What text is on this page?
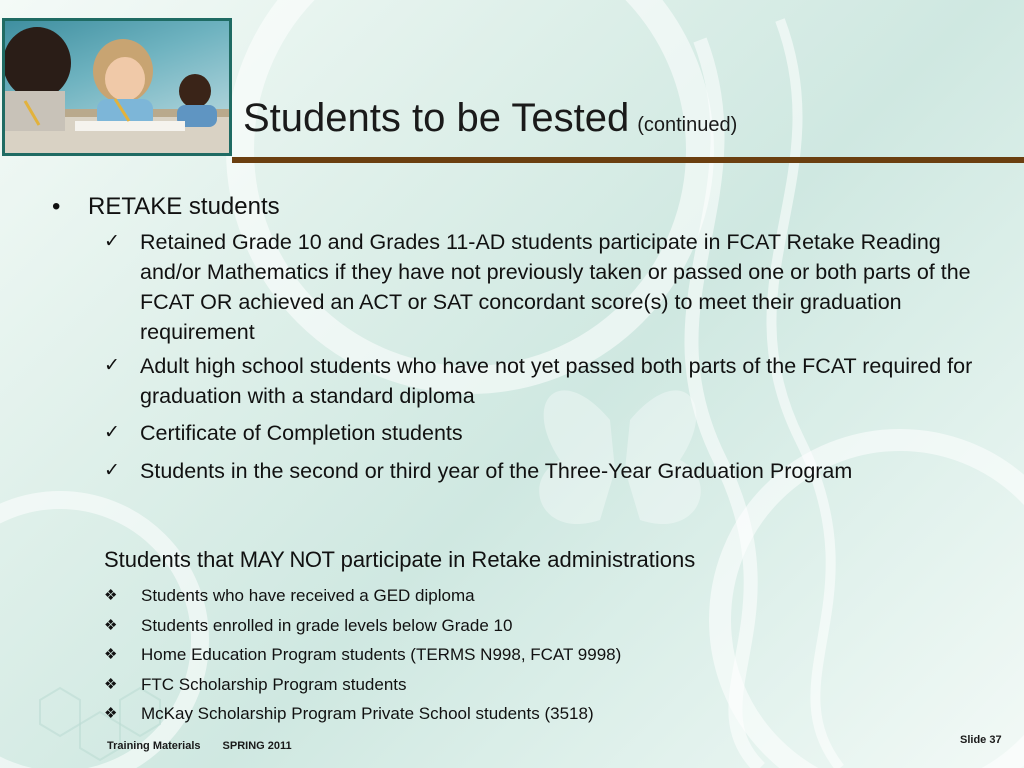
Students to be Tested (continued)
• RETAKE students
✓ Retained Grade 10 and Grades 11-AD students participate in FCAT Retake Reading and/or Mathematics if they have not previously taken or passed one or both parts of the FCAT OR achieved an ACT or SAT concordant score(s) to meet their graduation requirement
✓ Adult high school students who have not yet passed both parts of the FCAT required for graduation with a standard diploma
✓ Certificate of Completion students
✓ Students in the second or third year of the Three-Year Graduation Program
Students that MAY NOT participate in Retake administrations
❖ Students who have received a GED diploma
❖ Students enrolled in grade levels below Grade 10
❖ Home Education Program students (TERMS N998, FCAT 9998)
❖ FTC Scholarship Program students
❖ McKay Scholarship Program Private School students (3518)
Training Materials SPRING 2011	Slide 37
